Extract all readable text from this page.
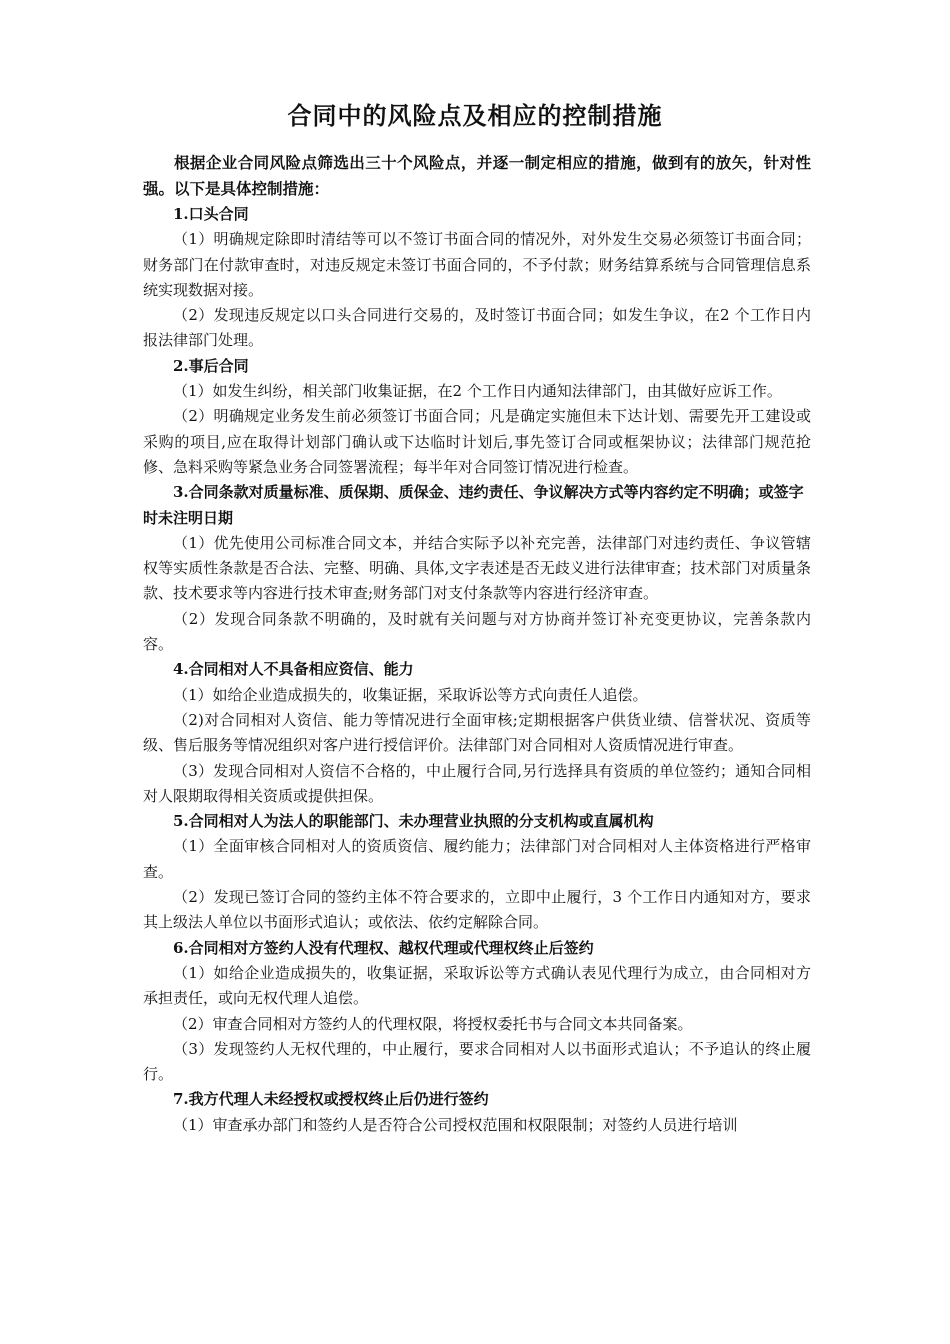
合同中的风险点及相应的控制措施

根据企业合同风险点筛选出三十个风险点，并逐一制定相应的措施，做到有的放矢，针对性强。以下是具体控制措施：

1.口头合同

（1）明确规定除即时清结等可以不签订书面合同的情况外，对外发生交易必须签订书面合同；财务部门在付款审查时，对违反规定未签订书面合同的，不予付款；财务结算系统与合同管理信息系统实现数据对接。

（2）发现违反规定以口头合同进行交易的，及时签订书面合同；如发生争议，在2 个工作日内报法律部门处理。

2.事后合同

（1）如发生纠纷，相关部门收集证据，在2 个工作日内通知法律部门，由其做好应诉工作。

（2）明确规定业务发生前必须签订书面合同；凡是确定实施但未下达计划、需要先开工建设或采购的项目,应在取得计划部门确认或下达临时计划后,事先签订合同或框架协议；法律部门规范抢修、急料采购等紧急业务合同签署流程；每半年对合同签订情况进行检查。

3.合同条款对质量标准、质保期、质保金、违约责任、争议解决方式等内容约定不明确；或签字时未注明日期

（1）优先使用公司标准合同文本，并结合实际予以补充完善，法律部门对违约责任、争议管辖权等实质性条款是否合法、完整、明确、具体,文字表述是否无歧义进行法律审查；技术部门对质量条款、技术要求等内容进行技术审查;财务部门对支付条款等内容进行经济审查。

（2）发现合同条款不明确的，及时就有关问题与对方协商并签订补充变更协议，完善条款内容。

4.合同相对人不具备相应资信、能力

（1）如给企业造成损失的，收集证据，采取诉讼等方式向责任人追偿。

（2)对合同相对人资信、能力等情况进行全面审核;定期根据客户供货业绩、信誉状况、资质等级、售后服务等情况组织对客户进行授信评价。法律部门对合同相对人资质情况进行审查。

（3）发现合同相对人资信不合格的，中止履行合同,另行选择具有资质的单位签约；通知合同相对人限期取得相关资质或提供担保。

5.合同相对人为法人的职能部门、未办理营业执照的分支机构或直属机构

（1）全面审核合同相对人的资质资信、履约能力；法律部门对合同相对人主体资格进行严格审查。

（2）发现已签订合同的签约主体不符合要求的，立即中止履行，3 个工作日内通知对方，要求其上级法人单位以书面形式追认；或依法、依约定解除合同。

6.合同相对方签约人没有代理权、越权代理或代理权终止后签约

（1）如给企业造成损失的，收集证据，采取诉讼等方式确认表见代理行为成立，由合同相对方承担责任，或向无权代理人追偿。

（2）审查合同相对方签约人的代理权限，将授权委托书与合同文本共同备案。

（3）发现签约人无权代理的，中止履行，要求合同相对人以书面形式追认；不予追认的终止履行。

7.我方代理人未经授权或授权终止后仍进行签约

（1）审查承办部门和签约人是否符合公司授权范围和权限限制；对签约人员进行培训
